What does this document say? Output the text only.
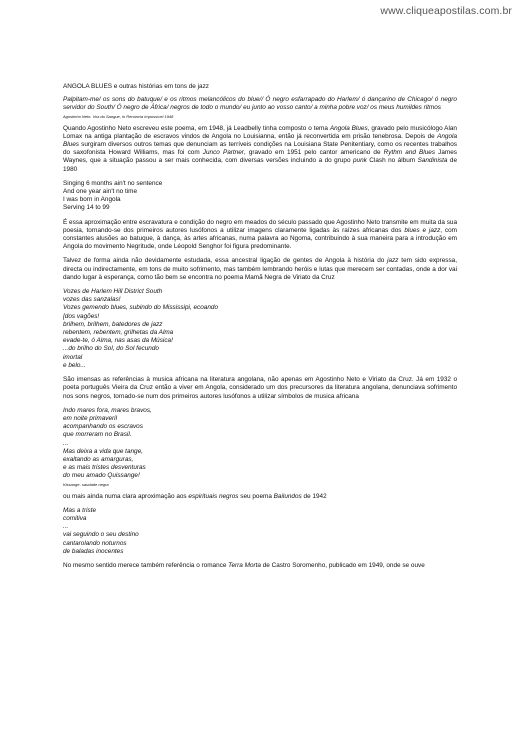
www.cliqueapostilas.com.br

ANGOLA BLUES e outras histórias em tons de jazz

Palpitam-me/ os sons do batuque/ e os ritmos melancólicos do blue// Ó negro esfarrapado do Harlem/ ó dançarino de Chicago/ ó negro servidor do South/ Ó negro de África/ negros de todo o mundo/ eu junto ao vosso canto/ a minha pobre voz/ os meus humildes ritmos

Agostinho Neto. Voz do Sangue, in Renúncia Impossível 1948

Quando Agostinho Neto escreveu este poema, em 1948, já Leadbelly tinha composto o tema Angola Blues, gravado pelo musicólogo Alan Lomax na antiga plantação de escravos vindos de Angola no Louisianna, então já reconvertida em prisão tenebrosa. Depois de Angola Blues surgiram diversos outros temas que denunciam as terríveis condições na Louisiana State Penitentiary, como os recentes trabalhos do saxofonista Howard Williams, mas foi com Junco Partner, gravado em 1951 pelo cantor americano de Rythm and Blues James Waynes, que a situação passou a ser mais conhecida, com diversas versões incluindo a do grupo punk Clash no álbum Sandinista de 1980

Singing 6 months ain't no sentence
And one year ain't no time
I was born in Angola
Serving 14 to 99

É essa aproximação entre escravatura e condição do negro em meados do século passado que Agostinho Neto transmite em muita da sua poesia, tornando-se dos primeiros autores lusófonos a utilizar imagens claramente ligadas às raízes africanas dos blues e jazz, com constantes alusões ao batuque, à dança, às artes africanas, numa palavra ao Ngoma, contribuindo à sua maneira para a introdução em Angola do movimento Negritude, onde Léopold Senghor foi figura predominante.

Talvez de forma ainda não devidamente estudada, essa ancestral ligação de gentes de Angola à história do jazz tem sido expressa, directa ou indirectamente, em tons de muito sofrimento, mas também lembrando heróis e lutas que merecem ser contadas, onde a dor vai dando lugar à esperança, como tão bem se encontra no poema Mamã Negra de Viriato da Cruz

Vozes de Harlem Hill District South
vozes das sanzalas!
Vozes gemendo blues, subindo do Mississipi, ecoando
[dos vagões!
brilhem, brilhem, batedores de jazz
rebentem, rebentem, grilhetas da Alma
evade-te, ó Alma, nas asas da Música!
...do brilho do Sol, do Sol fecundo
imortal
e belo...

São imensas as referências à musica africana na literatura angolana, não apenas em Agostinho Neto e Viriato da Cruz. Já em 1932 o poeta português Vieira da Cruz então a viver em Angola, considerado um dos precursores da literatura angolana, denunciava sofrimento nos sons negros, tornado-se num dos primeiros autores lusófonos a utilizar símbolos de musica africana

Indo mares fora, mares bravos,
em noite primaveril
acompanhando os escravos
que morreram no Brasil.
...
Mas deixa a vida que tange,
exaltando as amarguras,
e as mais tristes desventuras
do meu amado Quissange!

Kissange- saudade negra

ou mais ainda numa clara aproximação aos espirituais negros seu poema Bailundos de 1942

Mas a triste
comitiva
...
vai seguindo o seu destino
cantarolando noturnos
de baladas inocentes

No mesmo sentido merece também referência o romance Terra Morta de Castro Soromenho, publicado em 1949, onde se ouve
